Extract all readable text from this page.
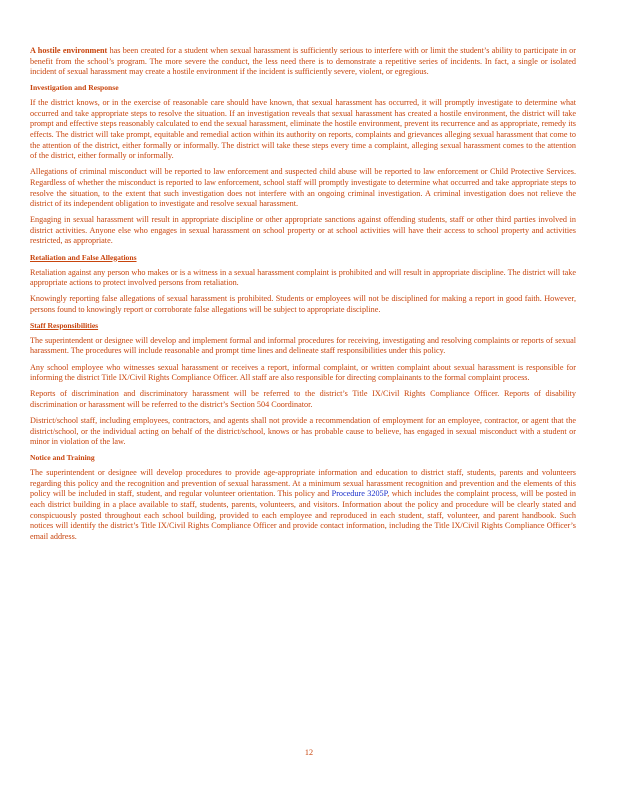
A hostile environment has been created for a student when sexual harassment is sufficiently serious to interfere with or limit the student’s ability to participate in or benefit from the school’s program. The more severe the conduct, the less need there is to demonstrate a repetitive series of incidents. In fact, a single or isolated incident of sexual harassment may create a hostile environment if the incident is sufficiently severe, violent, or egregious.

Investigation and Response

If the district knows, or in the exercise of reasonable care should have known, that sexual harassment has occurred, it will promptly investigate to determine what occurred and take appropriate steps to resolve the situation. If an investigation reveals that sexual harassment has created a hostile environment, the district will take prompt and effective steps reasonably calculated to end the sexual harassment, eliminate the hostile environment, prevent its recurrence and as appropriate, remedy its effects. The district will take prompt, equitable and remedial action within its authority on reports, complaints and grievances alleging sexual harassment that come to the attention of the district, either formally or informally. The district will take these steps every time a complaint, alleging sexual harassment comes to the attention of the district, either formally or informally.

Allegations of criminal misconduct will be reported to law enforcement and suspected child abuse will be reported to law enforcement or Child Protective Services. Regardless of whether the misconduct is reported to law enforcement, school staff will promptly investigate to determine what occurred and take appropriate steps to resolve the situation, to the extent that such investigation does not interfere with an ongoing criminal investigation. A criminal investigation does not relieve the district of its independent obligation to investigate and resolve sexual harassment.

Engaging in sexual harassment will result in appropriate discipline or other appropriate sanctions against offending students, staff or other third parties involved in district activities. Anyone else who engages in sexual harassment on school property or at school activities will have their access to school property and activities restricted, as appropriate.

Retaliation and False Allegations

Retaliation against any person who makes or is a witness in a sexual harassment complaint is prohibited and will result in appropriate discipline. The district will take appropriate actions to protect involved persons from retaliation.

Knowingly reporting false allegations of sexual harassment is prohibited. Students or employees will not be disciplined for making a report in good faith. However, persons found to knowingly report or corroborate false allegations will be subject to appropriate discipline.

Staff Responsibilities

The superintendent or designee will develop and implement formal and informal procedures for receiving, investigating and resolving complaints or reports of sexual harassment. The procedures will include reasonable and prompt time lines and delineate staff responsibilities under this policy.

Any school employee who witnesses sexual harassment or receives a report, informal complaint, or written complaint about sexual harassment is responsible for informing the district Title IX/Civil Rights Compliance Officer. All staff are also responsible for directing complainants to the formal complaint process.

Reports of discrimination and discriminatory harassment will be referred to the district’s Title IX/Civil Rights Compliance Officer. Reports of disability discrimination or harassment will be referred to the district’s Section 504 Coordinator.

District/school staff, including employees, contractors, and agents shall not provide a recommendation of employment for an employee, contractor, or agent that the district/school, or the individual acting on behalf of the district/school, knows or has probable cause to believe, has engaged in sexual misconduct with a student or minor in violation of the law.

Notice and Training

The superintendent or designee will develop procedures to provide age-appropriate information and education to district staff, students, parents and volunteers regarding this policy and the recognition and prevention of sexual harassment. At a minimum sexual harassment recognition and prevention and the elements of this policy will be included in staff, student, and regular volunteer orientation. This policy and Procedure 3205P, which includes the complaint process, will be posted in each district building in a place available to staff, students, parents, volunteers, and visitors. Information about the policy and procedure will be clearly stated and conspicuously posted throughout each school building, provided to each employee and reproduced in each student, staff, volunteer, and parent handbook. Such notices will identify the district’s Title IX/Civil Rights Compliance Officer and provide contact information, including the Title IX/Civil Rights Compliance Officer’s email address.

12
